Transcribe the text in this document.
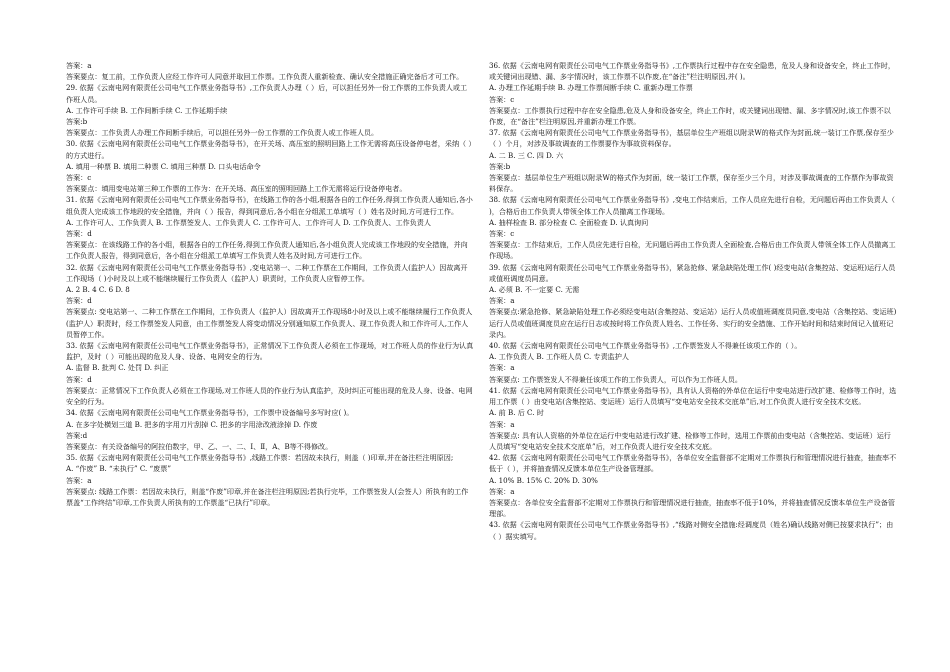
答案：a
答案要点：复工前，工作负责人应经工作许可人同意并取回工作票。工作负责人重新检查、确认安全措施正确完备后才可工作。
29. 依据《云南电网有限责任公司电气工作票业务指导书》,工作负责人办理（ ）后，可以担任另外一份工作票的工作负责人或工作班人员。
A. 工作许可手续 B. 工作间断手续 C. 工作延期手续
答案:b
答案要点：工作负责人办理工作间断手续后，可以担任另外一份工作票的工作负责人或工作班人员。
30. 依据《云南电网有限责任公司电气工作票业务指导书》，在开关场、高压室的照明回路上工作无需将高压设备停电者，采纳（ ）的方式进行。
A. 填用一种票 B. 填用二种票 C. 填用三种票 D. 口头电话命令
答案：c
答案要点：填用变电站第三种工作票的工作为：在开关场、高压室的照明回路上工作无需将运行设备停电者。
31. 依据《云南电网有限责任公司电气工作票业务指导书》，在线路工作的各小组,根据各自的工作任务,得到工作负责人通知后,各小组负责人完成该工作地段的安全措施，并向（ ）报告，得到同意后,各小组在分组派工单填写（ ）姓名及时间,方可进行工作。
A. 工作许可人、工作负责人 B. 工作票签发人、工作负责人 C. 工作许可人、工作许可人 D. 工作负责人、工作负责人
答案：d
答案要点：在该线路工作的各小组，根据各自的工作任务,得到工作负责人通知后,各小组负责人完成该工作地段的安全措施，并向工作负责人报告，得到同意后，各小组在分组派工单填写工作负责人姓名及时间,方可进行工作。
32. 依据《云南电网有限责任公司电气工作票业务指导书》,变电站第一、二种工作票在工作期间，工作负责人(监护人）因故离开工作现场（ )小时及以上或不能继续履行工作负责人（监护人）职责时，工作负责人应暂停工作。
A. 2 B. 4 C. 6 D. 8
答案：d
答案要点: 变电站第一、二种工作票在工作期间，工作负责人（监护人）因故离开工作现场8小时及以上或不能继续履行工作负责人(监护人）职责时，经工作票签发人同意，由工作票签发人将变动情况分别通知原工作负责人、现工作负责人和工作许可人,工作人员暂停工作。
33. 依据《云南电网有限责任公司电气工作票业务指导书》，正常情况下工作负责人必须在工作现场，对工作班人员的作业行为认真监护，及时（ ）可能出现的危及人身、设备、电网安全的行为。
A. 监督 B. 批判 C. 处罚 D. 纠正
答案：d
答案要点：正常情况下工作负责人必须在工作现场,对工作班人员的作业行为认真监护，及时纠正可能出现的危及人身、设备、电网安全的行为。
34. 依据《云南电网有限责任公司电气工作票业务指导书》，工作票中设备编号多写时应( )。
A. 在多字处横划三道 B. 把多的字用刀片刮掉 C. 把多的字用涂改液涂掉 D. 作废
答案:d
答案要点：有关设备编号的阿拉伯数字，甲、乙、一、二、Ⅰ、Ⅱ，A、B等不得修改。
35. 依据《云南电网有限责任公司电气工作票业务指导书》,线路工作票：若因故未执行，则盖（ )印章,并在备注栏注明原因;
A. “作废” B. “未执行” C. “废票”
答案：a
答案要点: 线路工作票：若因故未执行，则盖“作废”印章,并在备注栏注明原因;若执行完毕，工作票签发人(会签人）所执有的工作票盖“工作终结”印章,工作负责人所执有的工作票盖“已执行”印章。
36. 依据《云南电网有限责任公司电气工作票业务指导书》,工作票执行过程中存在安全隐患，危及人身和设备安全，终止工作时，或关键词出现错、漏、多字情况时，该工作票不以作废,在“备注”栏注明原因,并( )。
A. 办理工作延期手续 B. 办理工作票间断手续 C. 重新办理工作票
答案：c
答案要点：工作票执行过程中存在安全隐患,危及人身和设备安全，终止工作时，或关键词出现错、漏、多字情况时,该工作票不以作废，在“备注”栏注明原因,并重新办理工作票。
37. 依据《云南电网有限责任公司电气工作票业务指导书》，基层单位生产班组以附录W的格式作为封面,统一装订工作票,保存至少（ ）个月，对涉及事故调查的工作票要作为事故资料保存。
A. 二 B. 三 C. 四 D. 六
答案:b
答案要点：基层单位生产班组以附录W的格式作为封面，统一装订工作票，保存至少三个月，对涉及事故调查的工作票作为事故资料保存。
38. 依据《云南电网有限责任公司电气工作票业务指导书》,变电工作结束后，工作人员应先进行自检，无问题后再由工作负责人（ )，合格后由工作负责人带领全体工作人员撤离工作现场。
A. 抽样检查 B. 部分检查 C. 全面检查 D. 认真询问
答案：c
答案要点：工作结束后，工作人员应先进行自检，无问题后再由工作负责人全面检查,合格后由工作负责人带领全体工作人员撤离工作现场。
39. 依据《云南电网有限责任公司电气工作票业务指导书》，紧急抢修、紧急缺陷处理工作( )经变电站(含集控站、变运班)运行人员或值班调度员同意。
A. 必须 B. 不一定要 C. 无需
答案：a
答案要点:紧急抢修、紧急缺陷处理工作必须经变电站(含集控站、变运站）运行人员或值班调度员同意,变电站（含集控站、变运班)运行人员或值班调度员应在运行日志或按时将工作负责人姓名、工作任务、实行的安全措施、工作开始时间和结束时间记入值班记录内。
40. 依据《云南电网有限责任公司电气工作票业务指导书》,工作票签发人不得兼任该项工作的（ ）。
A. 工作负责人 B. 工作班人员 C. 专责监护人
答案：a
答案要点: 工作票签发人不得兼任该项工作的工作负责人，可以作为工作班人员。
41. 依据《云南电网有限责任公司电气工作票业务指导书》，具有认人资格的外单位在运行中变电站进行改扩建、检修等工作时，选用工作票（ ）由变电站(含集控站、变运班）运行人员填写“变电站安全技术交底单”后,对工作负责人进行安全技术交底。
A. 前 B. 后 C. 时
答案：a
答案要点: 具有认人资格的外单位在运行中变电站进行改扩建、检修等工作时，选用工作票前由变电站（含集控站、变运班）运行人员填写“变电站安全技术交底单”后，对工作负责人进行安全技术交底。
42. 依据《云南电网有限责任公司电气工作票业务指导书》，各单位安全监督部不定期对工作票执行和管理情况进行抽查，抽查率不低于（ ），并将抽查情况反馈本单位生产设备管理部。
A. 10% B. 15% C. 20% D. 30%
答案：a
答案要点：各单位安全监督部不定期对工作票执行和管理情况进行抽查，抽查率不低于10%，并将抽查情况反馈本单位生产设备管理部。
43. 依据《云南电网有限责任公司电气工作票业务指导书》,“线路对侧安全措施:经调度员（姓名)确认线路对侧已按要求执行”；由（ ）据实填写。
